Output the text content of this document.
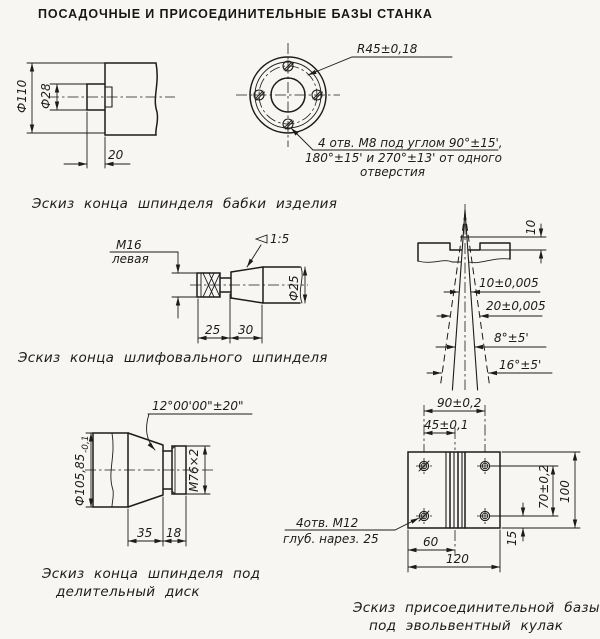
ПОСАДОЧНЫЕ И ПРИСОЕДИНИТЕЛЬНЫЕ БАЗЫ СТАНКА
Ф110 Ф28
20
R45±0,18
4 отв. М8 под углом 90°±15',
180°±15' и 270°±13' от одного
отверстия
М16
левая
1:5
Ф25
25 30
10
10±0,005
20±0,005
8°±5'
16°±5'
12°00'00"±20"
Ф105,85
-0,1
М76×2
35 18
90±0,2
45±0,1
70±0,2 100
15
60
120
4отв. М12
глуб. нарез. 25
Эскиз конца шпинделя бабки изделия
Эскиз конца шлифовального шпинделя
Эскиз конца шпинделя под
делительный диск
Эскиз присоединительной базы
под эвольвентный кулак
